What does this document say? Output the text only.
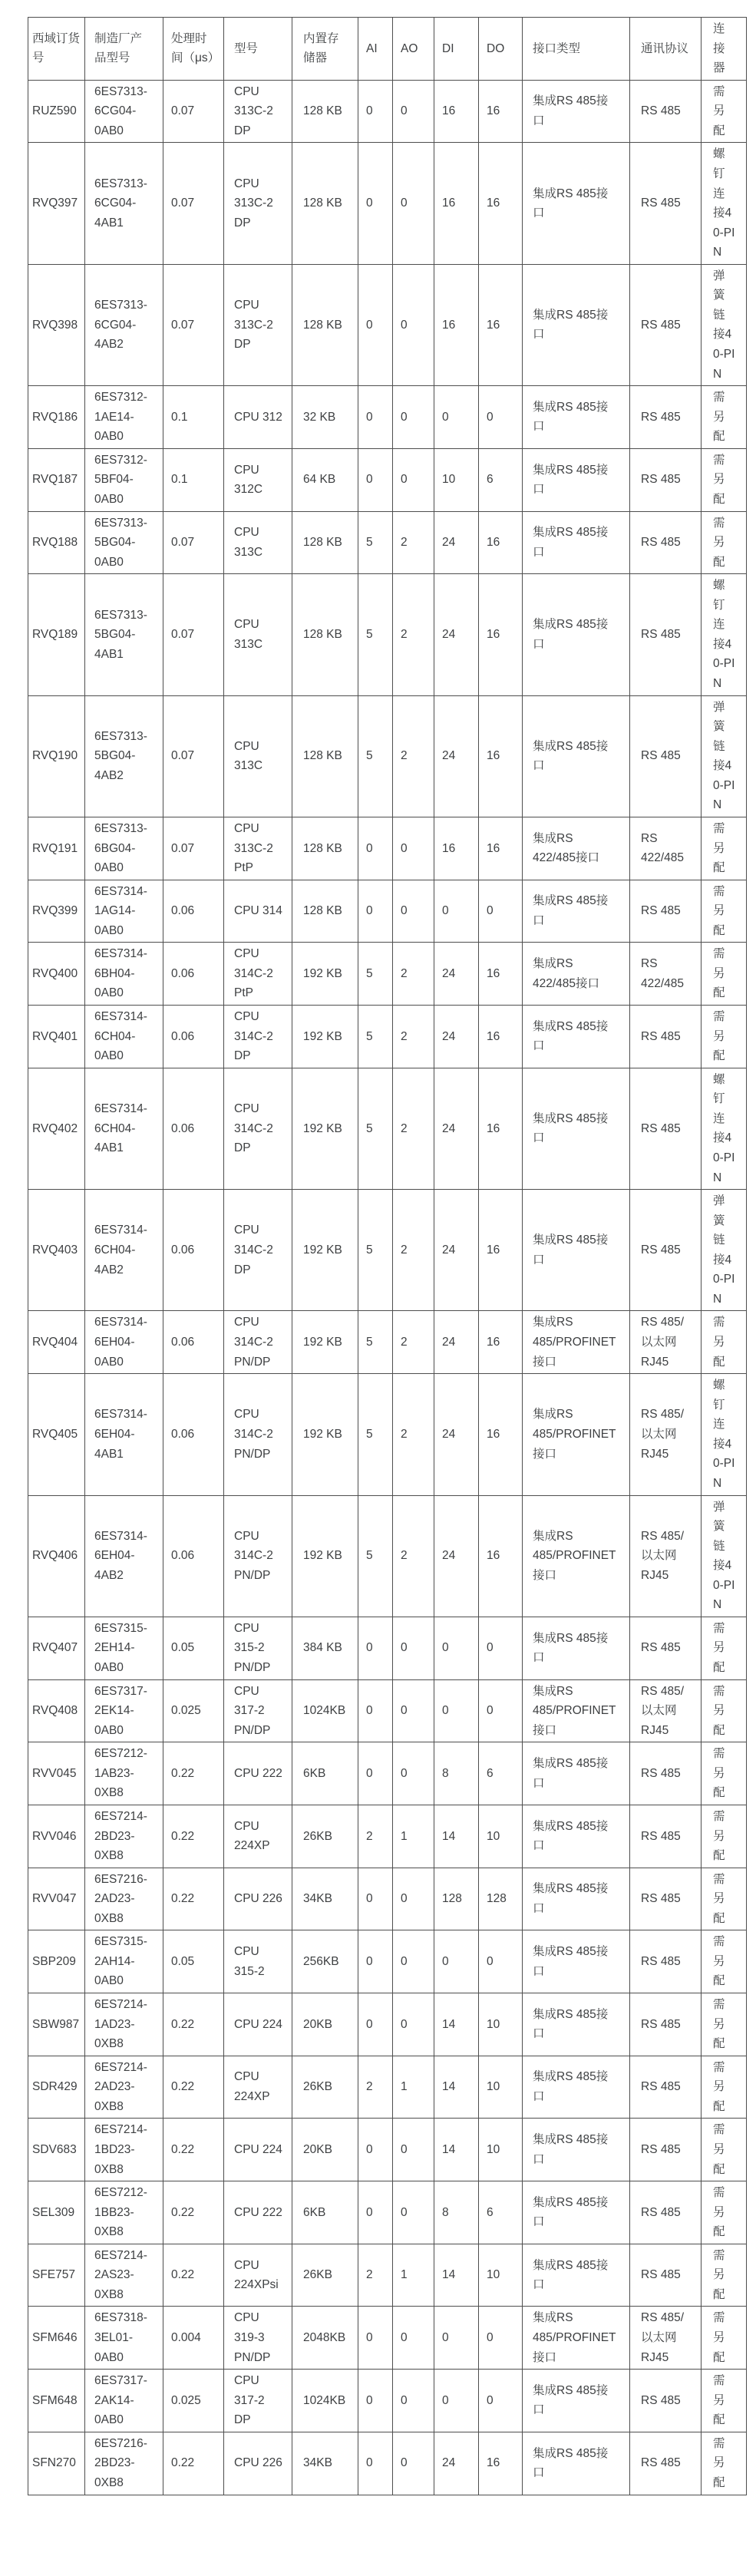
西域订货号	制造厂产品型号	处理时间（μs）	型号	内置存储器	AI	AO	DI	DO	接口类型	通讯协议	连接器
RUZ590	6ES7313-6CG04-0AB0	0.07	CPU 313C-2 DP	128 KB	0	0	16	16	集成RS 485接口	RS 485	需另配
RVQ397	6ES7313-6CG04-4AB1	0.07	CPU 313C-2 DP	128 KB	0	0	16	16	集成RS 485接口	RS 485	螺钉连接40-PIN
RVQ398	6ES7313-6CG04-4AB2	0.07	CPU 313C-2 DP	128 KB	0	0	16	16	集成RS 485接口	RS 485	弹簧链接40-PIN
RVQ186	6ES7312-1AE14-0AB0	0.1	CPU 312	32 KB	0	0	0	0	集成RS 485接口	RS 485	需另配
RVQ187	6ES7312-5BF04-0AB0	0.1	CPU 312C	64 KB	0	0	10	6	集成RS 485接口	RS 485	需另配
RVQ188	6ES7313-5BG04-0AB0	0.07	CPU 313C	128 KB	5	2	24	16	集成RS 485接口	RS 485	需另配
RVQ189	6ES7313-5BG04-4AB1	0.07	CPU 313C	128 KB	5	2	24	16	集成RS 485接口	RS 485	螺钉连接40-PIN
RVQ190	6ES7313-5BG04-4AB2	0.07	CPU 313C	128 KB	5	2	24	16	集成RS 485接口	RS 485	弹簧链接40-PIN
RVQ191	6ES7313-6BG04-0AB0	0.07	CPU 313C-2 PtP	128 KB	0	0	16	16	集成RS 422/485接口	RS 422/485	需另配
RVQ399	6ES7314-1AG14-0AB0	0.06	CPU 314	128 KB	0	0	0	0	集成RS 485接口	RS 485	需另配
RVQ400	6ES7314-6BH04-0AB0	0.06	CPU 314C-2 PtP	192 KB	5	2	24	16	集成RS 422/485接口	RS 422/485	需另配
RVQ401	6ES7314-6CH04-0AB0	0.06	CPU 314C-2 DP	192 KB	5	2	24	16	集成RS 485接口	RS 485	需另配
RVQ402	6ES7314-6CH04-4AB1	0.06	CPU 314C-2 DP	192 KB	5	2	24	16	集成RS 485接口	RS 485	螺钉连接40-PIN
RVQ403	6ES7314-6CH04-4AB2	0.06	CPU 314C-2 DP	192 KB	5	2	24	16	集成RS 485接口	RS 485	弹簧链接40-PIN
RVQ404	6ES7314-6EH04-0AB0	0.06	CPU 314C-2 PN/DP	192 KB	5	2	24	16	集成RS 485/PROFINET接口	RS 485/以太网RJ45	需另配
RVQ405	6ES7314-6EH04-4AB1	0.06	CPU 314C-2 PN/DP	192 KB	5	2	24	16	集成RS 485/PROFINET接口	RS 485/以太网RJ45	螺钉连接40-PIN
RVQ406	6ES7314-6EH04-4AB2	0.06	CPU 314C-2 PN/DP	192 KB	5	2	24	16	集成RS 485/PROFINET接口	RS 485/以太网RJ45	弹簧链接40-PIN
RVQ407	6ES7315-2EH14-0AB0	0.05	CPU 315-2 PN/DP	384 KB	0	0	0	0	集成RS 485接口	RS 485	需另配
RVQ408	6ES7317-2EK14-0AB0	0.025	CPU 317-2 PN/DP	1024KB	0	0	0	0	集成RS 485/PROFINET接口	RS 485/以太网RJ45	需另配
RVV045	6ES7212-1AB23-0XB8	0.22	CPU 222	6KB	0	0	8	6	集成RS 485接口	RS 485	需另配
RVV046	6ES7214-2BD23-0XB8	0.22	CPU 224XP	26KB	2	1	14	10	集成RS 485接口	RS 485	需另配
RVV047	6ES7216-2AD23-0XB8	0.22	CPU 226	34KB	0	0	128	128	集成RS 485接口	RS 485	需另配
SBP209	6ES7315-2AH14-0AB0	0.05	CPU 315-2	256KB	0	0	0	0	集成RS 485接口	RS 485	需另配
SBW987	6ES7214-1AD23-0XB8	0.22	CPU 224	20KB	0	0	14	10	集成RS 485接口	RS 485	需另配
SDR429	6ES7214-2AD23-0XB8	0.22	CPU 224XP	26KB	2	1	14	10	集成RS 485接口	RS 485	需另配
SDV683	6ES7214-1BD23-0XB8	0.22	CPU 224	20KB	0	0	14	10	集成RS 485接口	RS 485	需另配
SEL309	6ES7212-1BB23-0XB8	0.22	CPU 222	6KB	0	0	8	6	集成RS 485接口	RS 485	需另配
SFE757	6ES7214-2AS23-0XB8	0.22	CPU 224XPsi	26KB	2	1	14	10	集成RS 485接口	RS 485	需另配
SFM646	6ES7318-3EL01-0AB0	0.004	CPU 319-3 PN/DP	2048KB	0	0	0	0	集成RS 485/PROFINET接口	RS 485/以太网RJ45	需另配
SFM648	6ES7317-2AK14-0AB0	0.025	CPU 317-2 DP	1024KB	0	0	0	0	集成RS 485接口	RS 485	需另配
SFN270	6ES7216-2BD23-0XB8	0.22	CPU 226	34KB	0	0	24	16	集成RS 485接口	RS 485	需另配
